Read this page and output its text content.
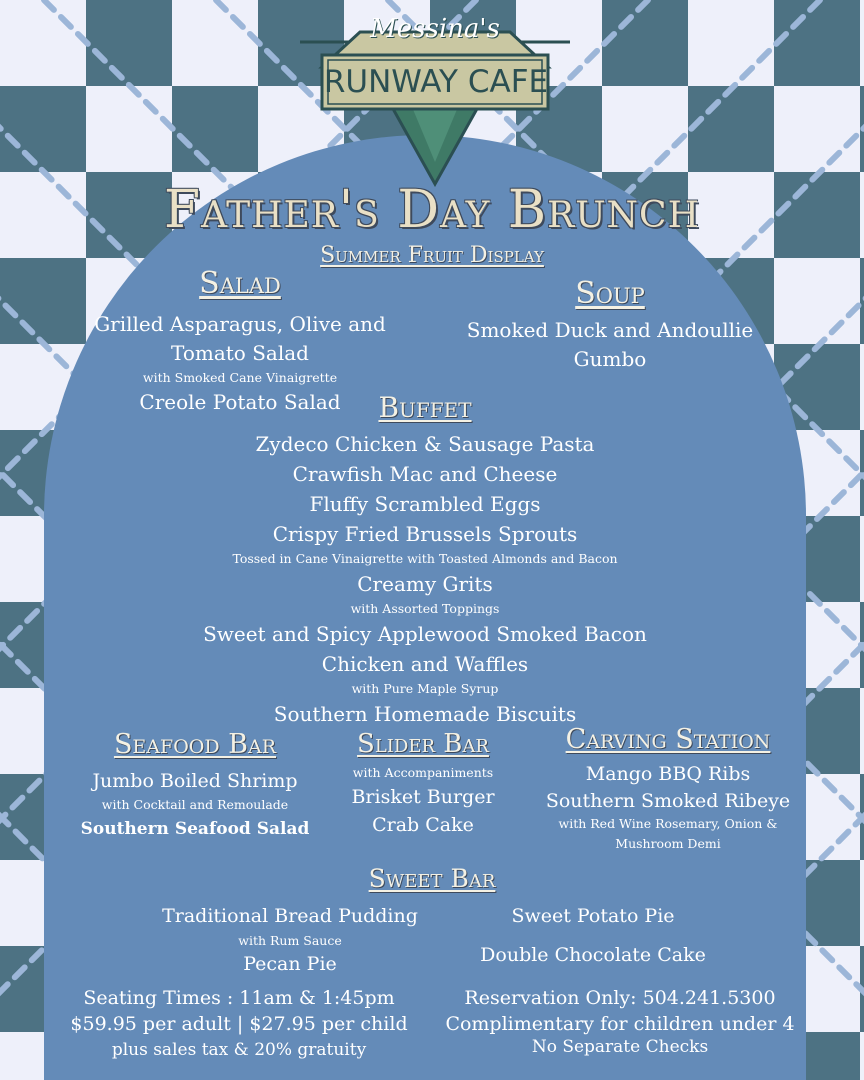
Messina's
RUNWAY CAFE
Father's Day Brunch
Summer Fruit Display
Salad
Grilled Asparagus, Olive and
Tomato Salad
with Smoked Cane Vinaigrette
Creole Potato Salad
Soup
Smoked Duck and Andoullie
Gumbo
Buffet
Zydeco Chicken & Sausage Pasta
Crawfish Mac and Cheese
Fluffy Scrambled Eggs
Crispy Fried Brussels Sprouts
Tossed in Cane Vinaigrette with Toasted Almonds and Bacon
Creamy Grits
with Assorted Toppings
Sweet and Spicy Applewood Smoked Bacon
Chicken and Waffles
with Pure Maple Syrup
Southern Homemade Biscuits
Seafood Bar
Jumbo Boiled Shrimp
with Cocktail and Remoulade
Southern Seafood Salad
Slider Bar
with Accompaniments
Brisket Burger
Crab Cake
Carving Station
Mango BBQ Ribs
Southern Smoked Ribeye
with Red Wine Rosemary, Onion &
Mushroom Demi
Sweet Bar
Traditional Bread Pudding
with Rum Sauce
Pecan Pie
Sweet Potato Pie
Double Chocolate Cake
Seating Times : 11am & 1:45pm
$59.95 per adult | $27.95 per child
plus sales tax & 20% gratuity
Reservation Only: 504.241.5300
Complimentary for children under 4
No Separate Checks
